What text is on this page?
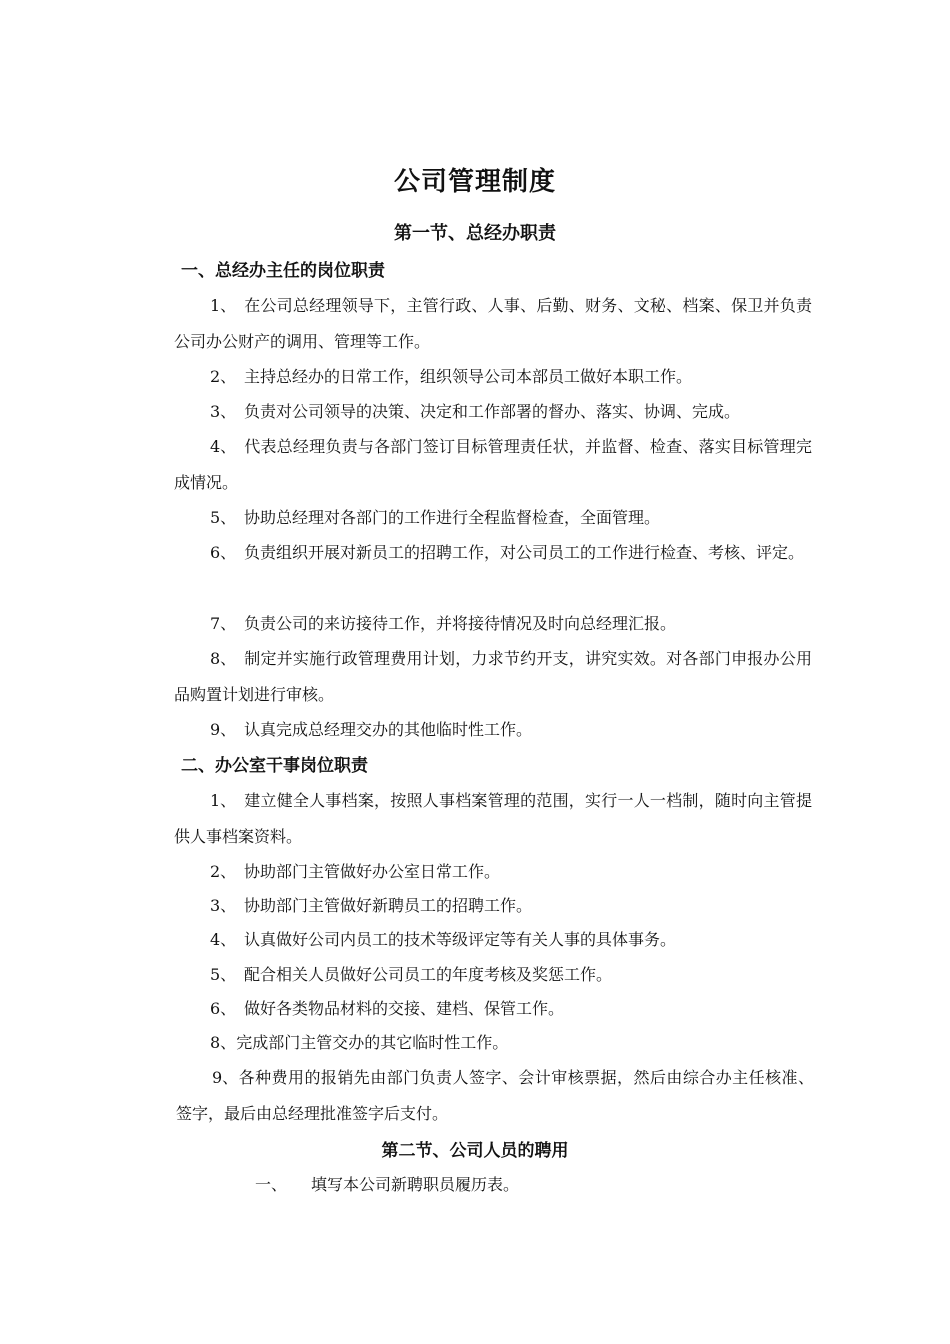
公司管理制度
第一节、总经办职责
一、总经办主任的岗位职责
1、 在公司总经理领导下，主管行政、人事、后勤、财务、文秘、档案、保卫并负责公司办公财产的调用、管理等工作。
2、 主持总经办的日常工作，组织领导公司本部员工做好本职工作。
3、 负责对公司领导的决策、决定和工作部署的督办、落实、协调、完成。
4、 代表总经理负责与各部门签订目标管理责任状，并监督、检查、落实目标管理完成情况。
5、 协助总经理对各部门的工作进行全程监督检查，全面管理。
6、 负责组织开展对新员工的招聘工作，对公司员工的工作进行检查、考核、评定。
7、 负责公司的来访接待工作，并将接待情况及时向总经理汇报。
8、 制定并实施行政管理费用计划，力求节约开支，讲究实效。对各部门申报办公用品购置计划进行审核。
9、 认真完成总经理交办的其他临时性工作。
二、办公室干事岗位职责
1、 建立健全人事档案，按照人事档案管理的范围，实行一人一档制，随时向主管提供人事档案资料。
2、 协助部门主管做好办公室日常工作。
3、 协助部门主管做好新聘员工的招聘工作。
4、 认真做好公司内员工的技术等级评定等有关人事的具体事务。
5、 配合相关人员做好公司员工的年度考核及奖惩工作。
6、 做好各类物品材料的交接、建档、保管工作。
8、完成部门主管交办的其它临时性工作。
9、各种费用的报销先由部门负责人签字、会计审核票据，然后由综合办主任核准、签字，最后由总经理批准签字后支付。
第二节、公司人员的聘用
一、 填写本公司新聘职员履历表。
